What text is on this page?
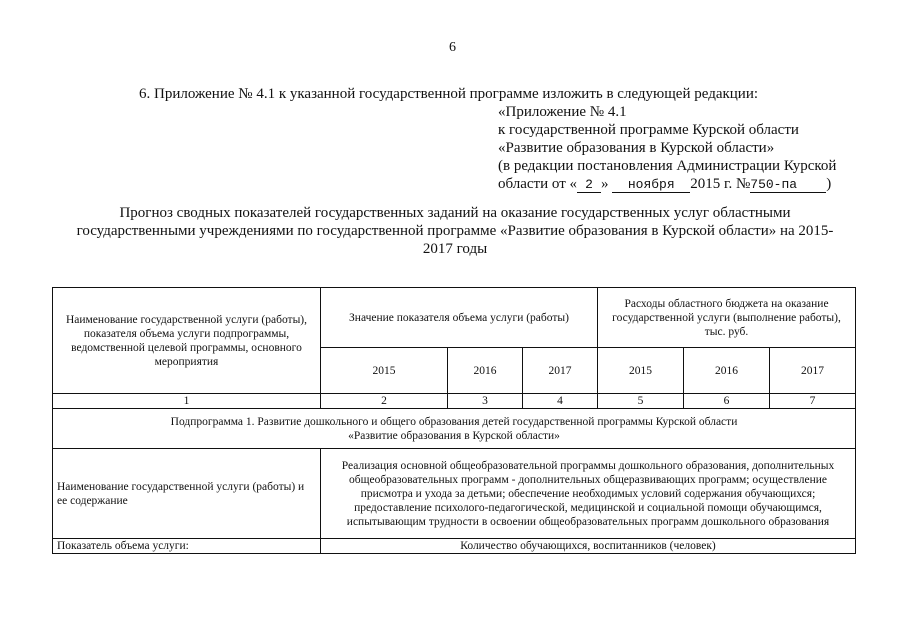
6
6. Приложение № 4.1 к указанной государственной программе изложить в следующей редакции:
«Приложение № 4.1
к государственной программе Курской области
«Развитие образования в Курской области»
(в редакции постановления Администрации Курской
области от « 2 » ноября 2015 г. №750-па )
Прогноз сводных показателей государственных заданий на оказание государственных услуг областными государственными учреждениями по государственной программе «Развитие образования в Курской области» на 2015-2017 годы
Наименование государственной услуги (работы), показателя объема услуги подпрограммы, ведомственной целевой программы, основного мероприятия	Значение показателя объема услуги (работы)			Расходы областного бюджета на оказание государственной услуги (выполнение работы), тыс. руб.		
	2015	2016	2017	2015	2016	2017
1	2	3	4	5	6	7

Подпрограмма 1. Развитие дошкольного и общего образования детей государственной программы Курской области
«Развитие образования в Курской области»						

Наименование государственной услуги (работы) и ее содержание	Реализация основной общеобразовательной программы дошкольного образования, дополнительных общеобразовательных программ - дополнительных общеразвивающих программ; осуществление присмотра и ухода за детьми; обеспечение необходимых условий содержания обучающихся; предоставление психолого-педагогической, медицинской и социальной помощи обучающимся, испытывающим трудности в освоении общеобразовательных программ дошкольного образования					
Показатель объема услуги:	Количество обучающихся, воспитанников (человек)					
